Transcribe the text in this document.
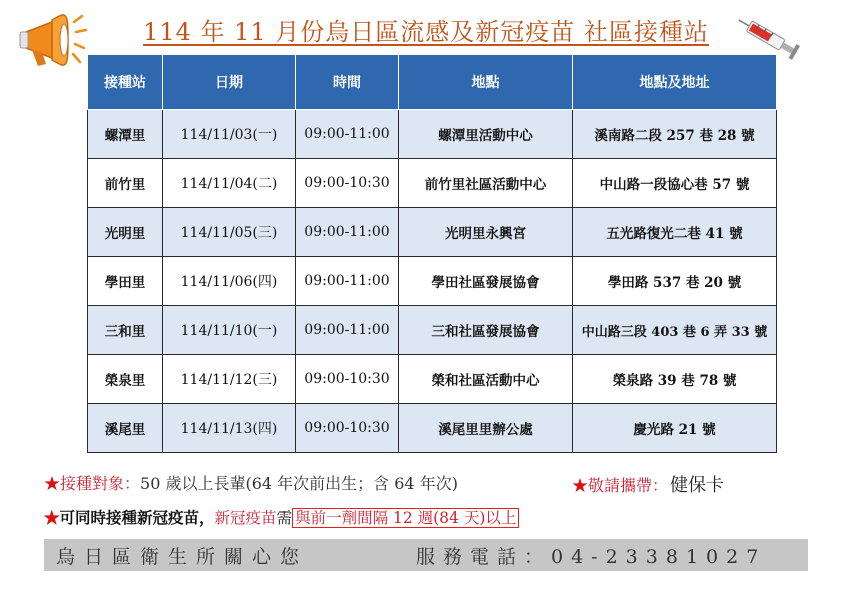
114 年 11 月份烏日區流感及新冠疫苗 社區接種站
接種站	日期	時間	地點	地點及地址
螺潭里	114/11/03(一)	09:00-11:00	螺潭里活動中心	溪南路二段 257 巷 28 號
前竹里	114/11/04(二)	09:00-10:30	前竹里社區活動中心	中山路一段協心巷 57 號
光明里	114/11/05(三)	09:00-11:00	光明里永興宮	五光路復光二巷 41 號
學田里	114/11/06(四)	09:00-11:00	學田社區發展協會	學田路 537 巷 20 號
三和里	114/11/10(一)	09:00-11:00	三和社區發展協會	中山路三段 403 巷 6 弄 33 號
榮泉里	114/11/12(三)	09:00-10:30	榮和社區活動中心	榮泉路 39 巷 78 號
溪尾里	114/11/13(四)	09:00-10:30	溪尾里里辦公處	慶光路 21 號
★接種對象：50 歲以上長輩(64 年次前出生；含 64 年次)	★敬請攜帶： 健保卡
★可同時接種新冠疫苗，新冠疫苗需 與前一劑間隔 12 週(84 天)以上
烏日區衛生所關心您	服務電話：04-23381027
